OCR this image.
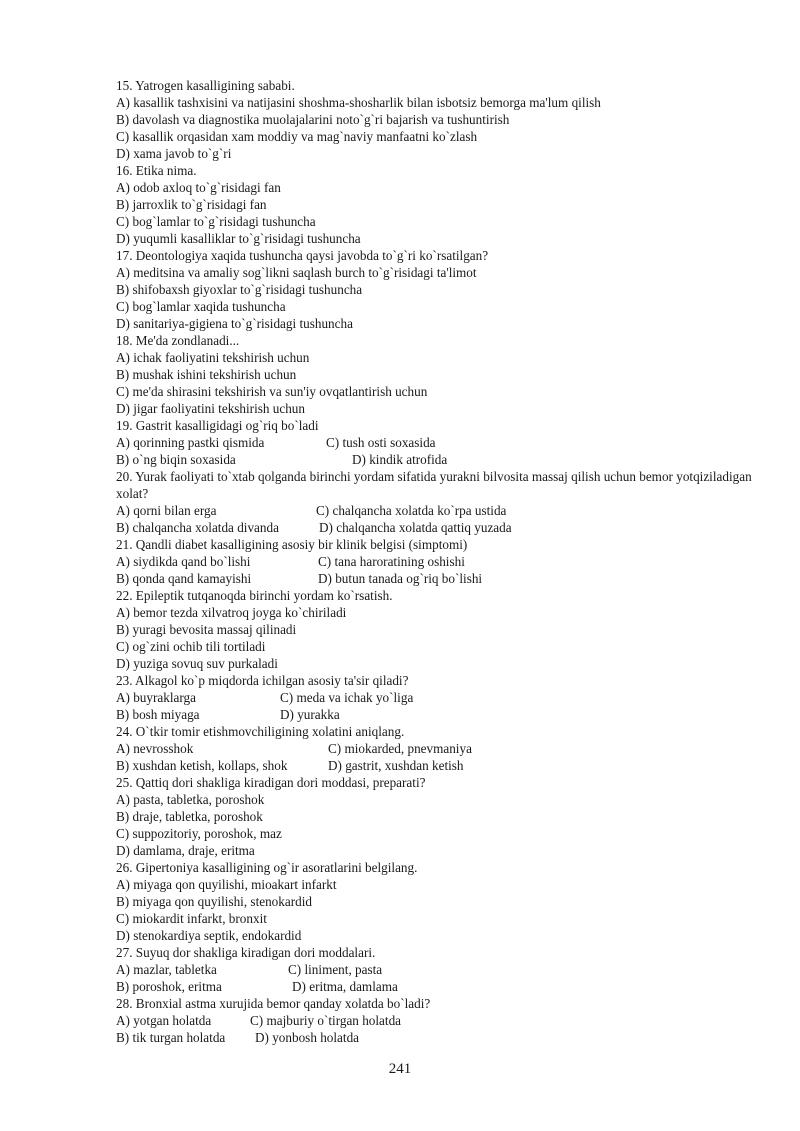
15. Yatrogen kasalligining sababi.
A) kasallik tashxisini va natijasini shoshma-shosharlik bilan isbotsiz bemorga ma'lum qilish
B) davolash va diagnostika muolajalarini noto`g`ri bajarish va tushuntirish
C) kasallik orqasidan xam moddiy va mag`naviy manfaatni ko`zlash
D) xama javob to`g`ri
16. Etika nima.
A) odob axloq to`g`risidagi fan
B) jarroxlik to`g`risidagi fan
C) bog`lamlar to`g`risidagi tushuncha
D) yuqumli kasalliklar to`g`risidagi tushuncha
17. Deontologiya xaqida tushuncha qaysi javobda to`g`ri ko`rsatilgan?
A) meditsina va amaliy sog`likni saqlash burch to`g`risidagi ta'limot
B) shifobaxsh giyoxlar to`g`risidagi tushuncha
C) bog`lamlar xaqida tushuncha
D) sanitariya-gigiena to`g`risidagi tushuncha
18. Me'da zondlanadi...
A) ichak faoliyatini tekshirish uchun
B) mushak ishini tekshirish uchun
C) me'da shirasini tekshirish va sun'iy ovqatlantirish uchun
D) jigar faoliyatini tekshirish uchun
19. Gastrit kasalligidagi og`riq bo`ladi
A) qorinning pastki qismida	C) tush osti soxasida
B) o`ng biqin soxasida	D) kindik atrofida
20. Yurak faoliyati to`xtab qolganda birinchi yordam sifatida yurakni bilvosita massaj qilish uchun bemor yotqiziladigan xolat?
A) qorni bilan erga	C) chalqancha xolatda ko`rpa ustida
B) chalqancha xolatda divanda	D) chalqancha xolatda qattiq yuzada
21. Qandli diabet kasalligining asosiy bir klinik belgisi (simptomi)
A) siydikda qand bo`lishi	C) tana haroratining oshishi
B) qonda qand kamayishi	D) butun tanada og`riq bo`lishi
22. Epileptik tutqanoqda birinchi yordam ko`rsatish.
A) bemor tezda xilvatroq joyga ko`chiriladi
B) yuragi bevosita massaj qilinadi
C) og`zini ochib tili tortiladi
D) yuziga sovuq suv purkaladi
23. Alkagol ko`p miqdorda ichilgan asosiy ta'sir qiladi?
A) buyraklarga	C) meda va ichak yo`liga
B) bosh miyaga	D) yurakka
24. O`tkir tomir etishmovchiligining xolatini aniqlang.
A) nevrosshok	C) miokarded, pnevmaniya
B) xushdan ketish, kollaps, shok	D) gastrit, xushdan ketish
25. Qattiq dori shakliga kiradigan dori moddasi, preparati?
A) pasta, tabletka, poroshok
B) draje, tabletka, poroshok
C) suppozitoriy, poroshok, maz
D) damlama, draje, eritma
26. Gipertoniya kasalligining og`ir asoratlarini belgilang.
A) miyaga qon quyilishi, mioakart infarkt
B) miyaga qon quyilishi, stenokardid
C) miokardit infarkt, bronxit
D) stenokardiya septik, endokardid
27. Suyuq dor shakliga kiradigan dori moddalari.
A) mazlar, tabletka	C) liniment, pasta
B) poroshok, eritma	D) eritma, damlama
28. Bronxial astma xurujida bemor qanday xolatda bo`ladi?
A) yotgan holatda	C) majburiy o`tirgan holatda
B) tik turgan holatda	D) yonbosh holatda
241
